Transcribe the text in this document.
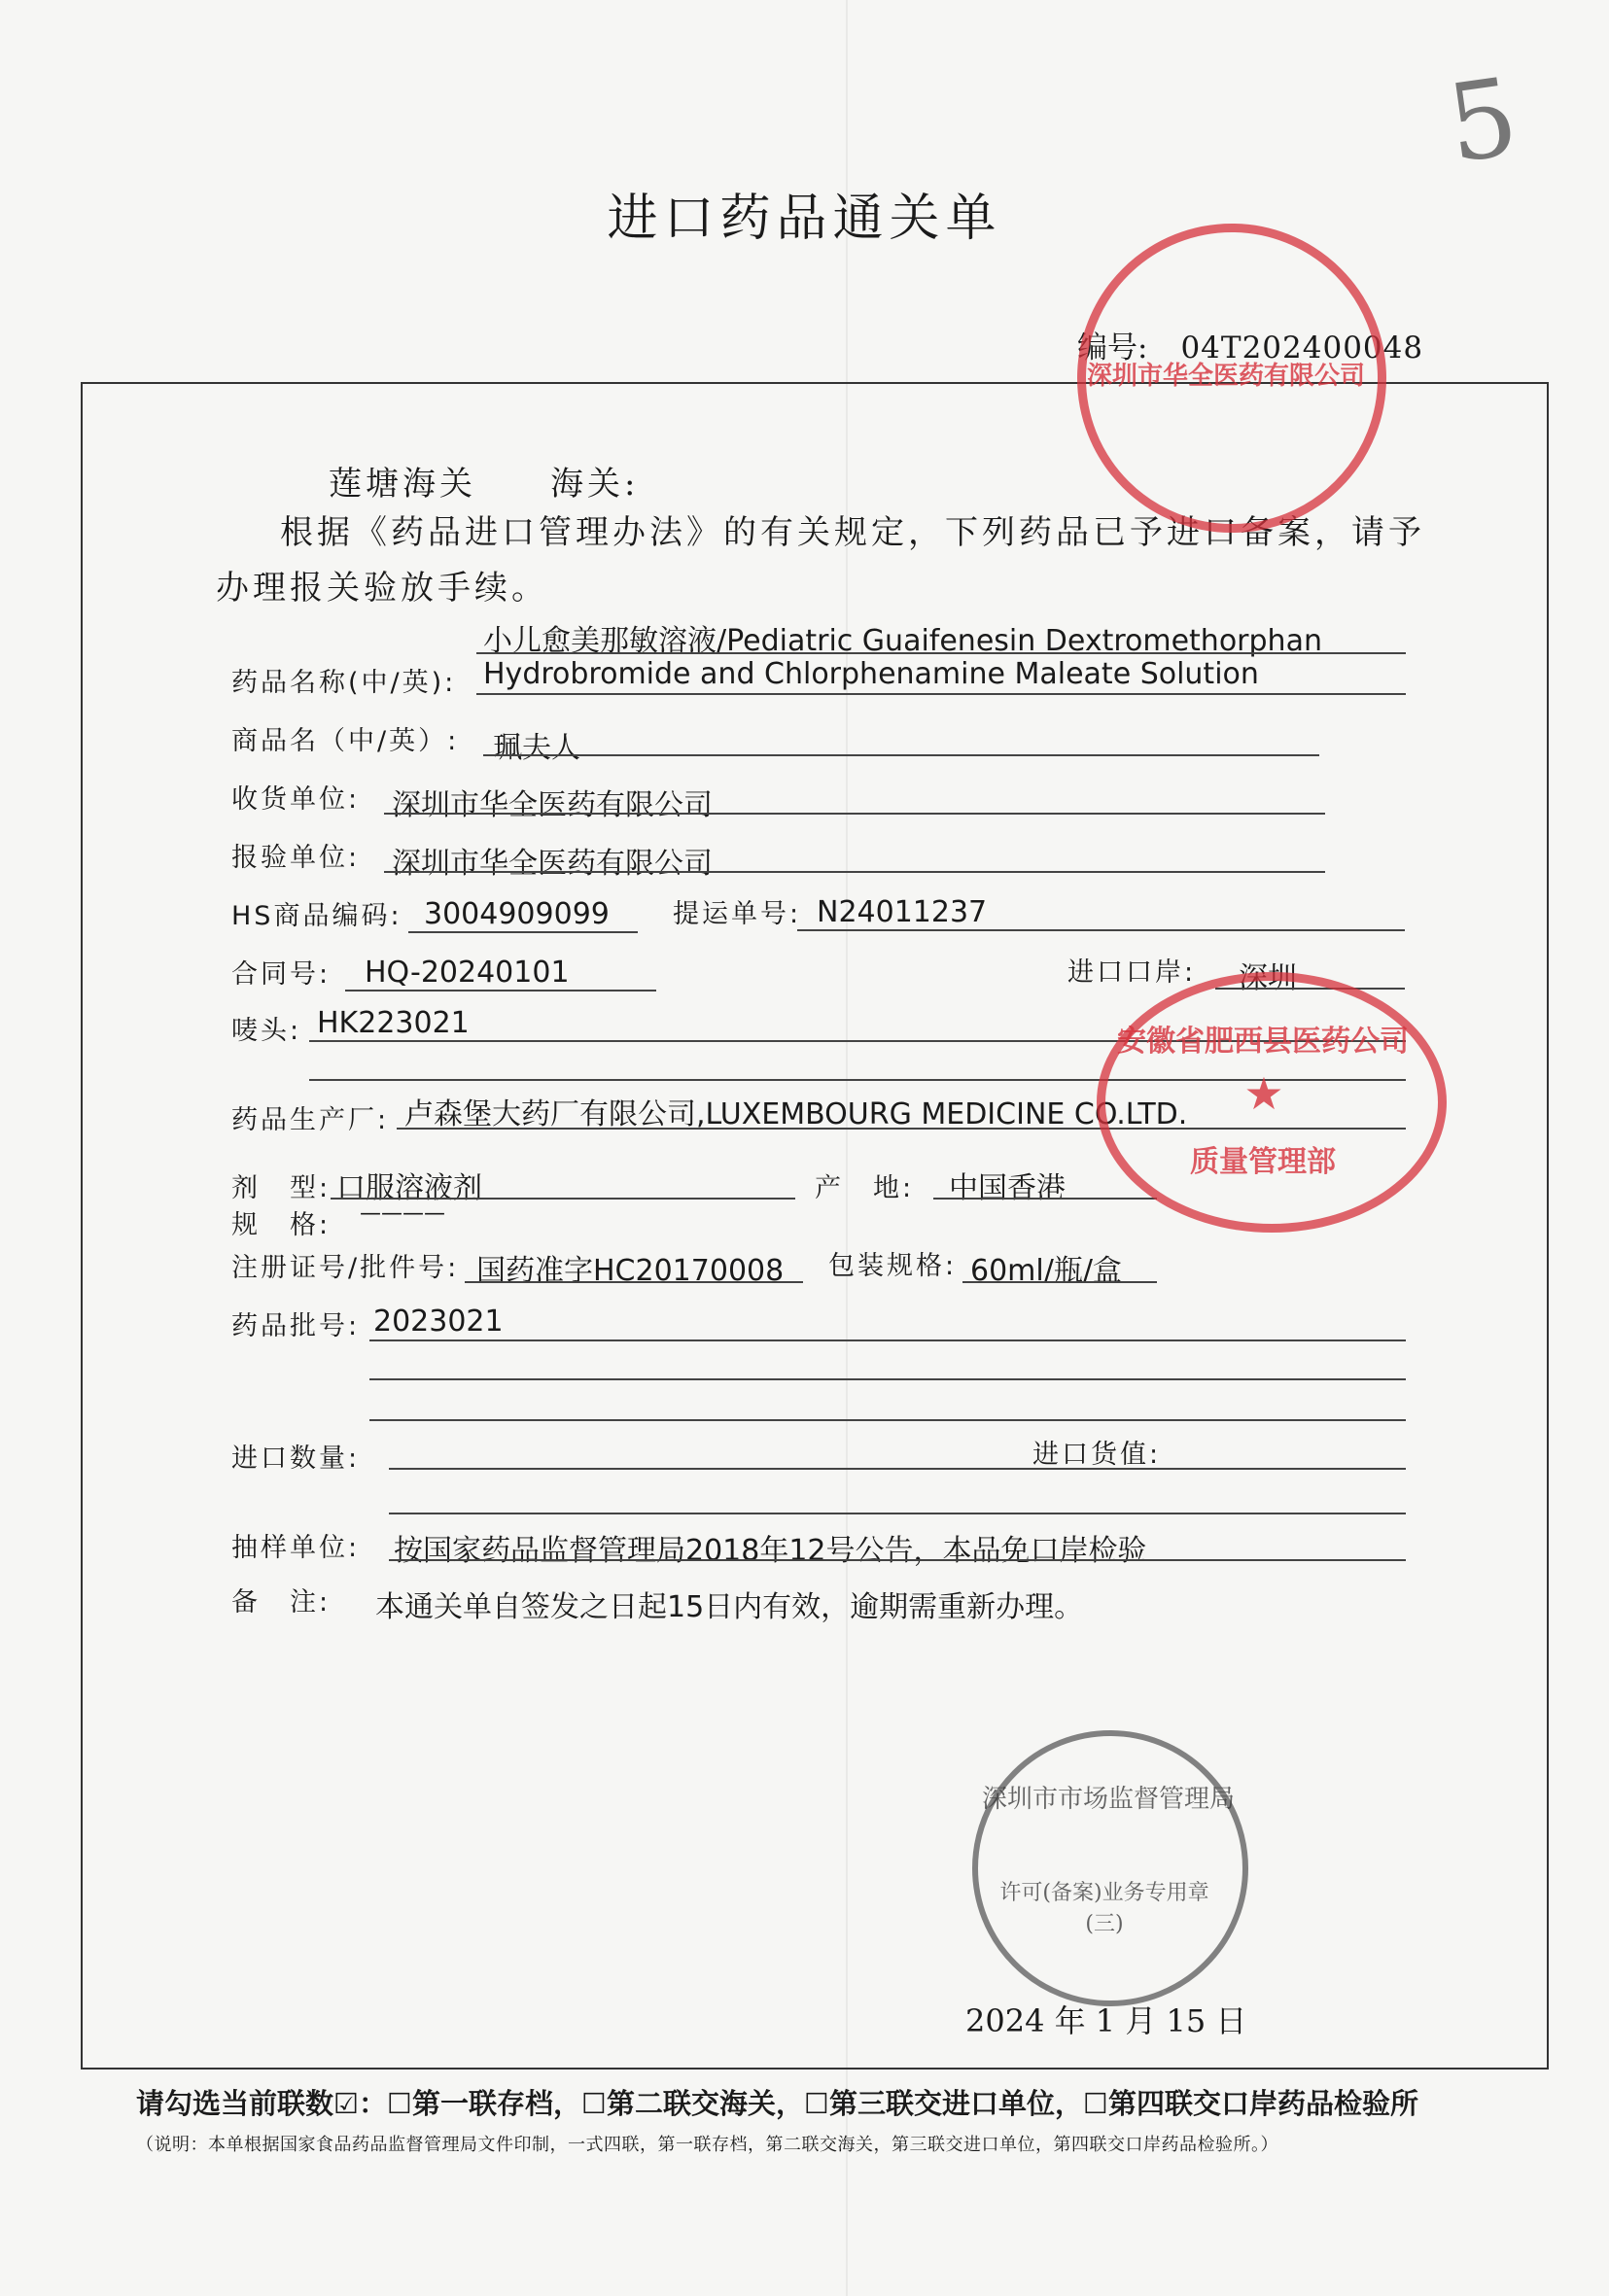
5
进口药品通关单
编号: 04T202400048
莲塘海关　　海关:
根据《药品进口管理办法》的有关规定，下列药品已予进口备案，请予
办理报关验放手续。
小儿愈美那敏溶液/Pediatric Guaifenesin Dextromethorphan
药品名称(中/英): Hydrobromide and Chlorphenamine Maleate Solution
商品名（中/英）: 珮夫人
收货单位: 深圳市华全医药有限公司
报验单位: 深圳市华全医药有限公司
HS商品编码: 3004909099 提运单号: N24011237
合同号: HQ-20240101	进口口岸: 深圳
唛头: HK223021
药品生产厂: 卢森堡大药厂有限公司,LUXEMBOURG MEDICINE CO.LTD.
剂　型: 口服溶液剂	产　地: 中国香港
规　格: ————
注册证号/批件号: 国药准字HC20170008 包装规格: 60ml/瓶/盒
药品批号: 2023021
进口数量:	进口货值:
抽样单位: 按国家药品监督管理局2018年12号公告，本品免口岸检验
备　注: 本通关单自签发之日起15日内有效，逾期需重新办理。
深圳市华全医药有限公司
安徽省肥西县医药公司
★
质量管理部
深圳市市场监督管理局
许可(备案)业务专用章
(三)
2024 年 1 月 15 日
请勾选当前联数☑：☐第一联存档，☐第二联交海关，☐第三联交进口单位，☐第四联交口岸药品检验所
（说明：本单根据国家食品药品监督管理局文件印制，一式四联，第一联存档，第二联交海关，第三联交进口单位，第四联交口岸药品检验所。）
